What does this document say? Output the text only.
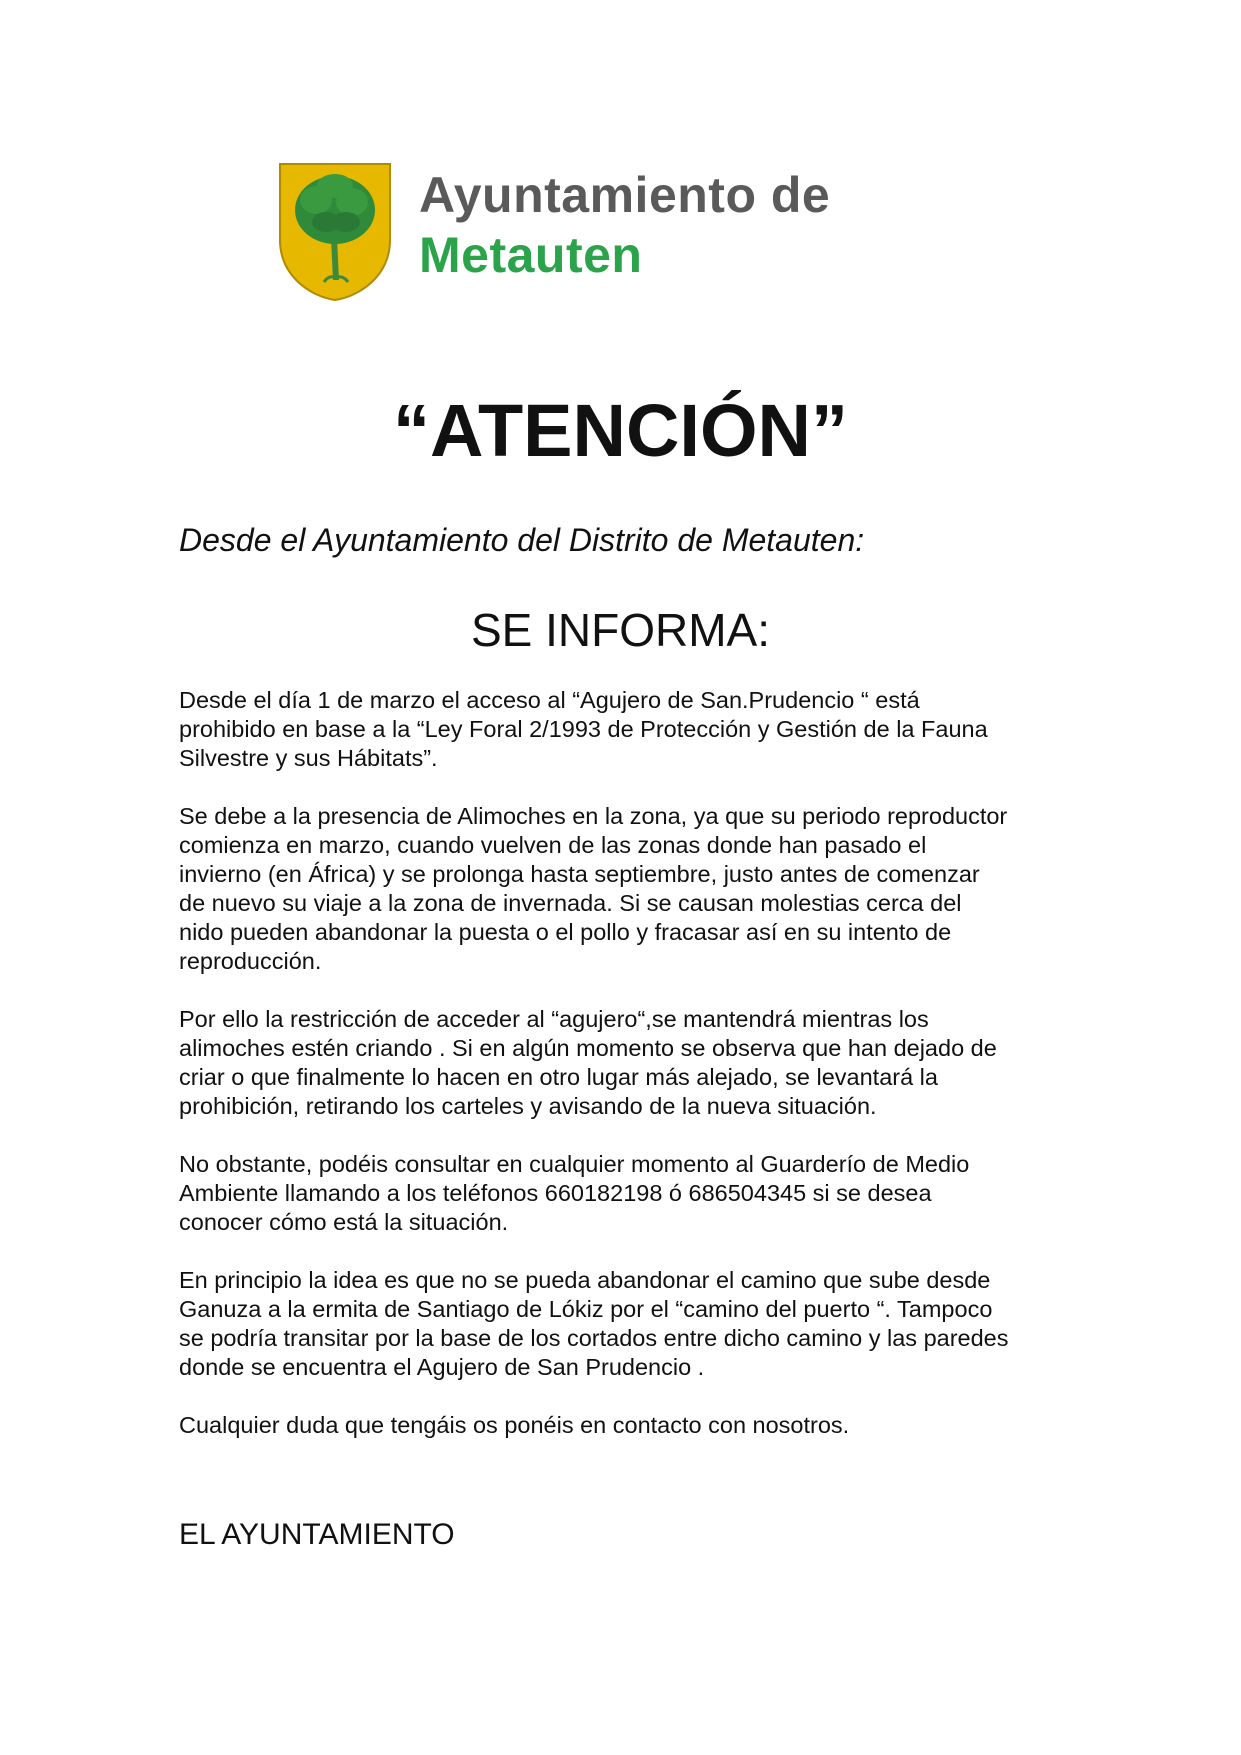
Ayuntamiento de
Metauten
“ATENCIÓN”
Desde el Ayuntamiento del Distrito de Metauten:
SE INFORMA:

Desde el día 1 de marzo el acceso al “Agujero de San.Prudencio “ está
prohibido en base a la “Ley Foral 2/1993 de Protección y Gestión de la Fauna
Silvestre y sus Hábitats”.

Se debe a la presencia de Alimoches en la zona, ya que su periodo reproductor
comienza en marzo, cuando vuelven de las zonas donde han pasado el
invierno (en África) y se prolonga hasta septiembre, justo antes de comenzar
de nuevo su viaje a la zona de invernada. Si se causan molestias cerca del
nido pueden abandonar la puesta o el pollo y fracasar así en su intento de
reproducción.

Por ello la restricción de acceder al “agujero“,se mantendrá mientras los
alimoches estén criando . Si en algún momento se observa que han dejado de
criar o que finalmente lo hacen en otro lugar más alejado, se levantará la
prohibición, retirando los carteles y avisando de la nueva situación.

No obstante, podéis consultar en cualquier momento al Guarderío de Medio
Ambiente llamando a los teléfonos 660182198 ó 686504345 si se desea
conocer cómo está la situación.

En principio la idea es que no se pueda abandonar el camino que sube desde
Ganuza a la ermita de Santiago de Lókiz por el “camino del puerto “. Tampoco
se podría transitar por la base de los cortados entre dicho camino y las paredes
donde se encuentra el Agujero de San Prudencio .

Cualquier duda que tengáis os ponéis en contacto con nosotros.

EL AYUNTAMIENTO
